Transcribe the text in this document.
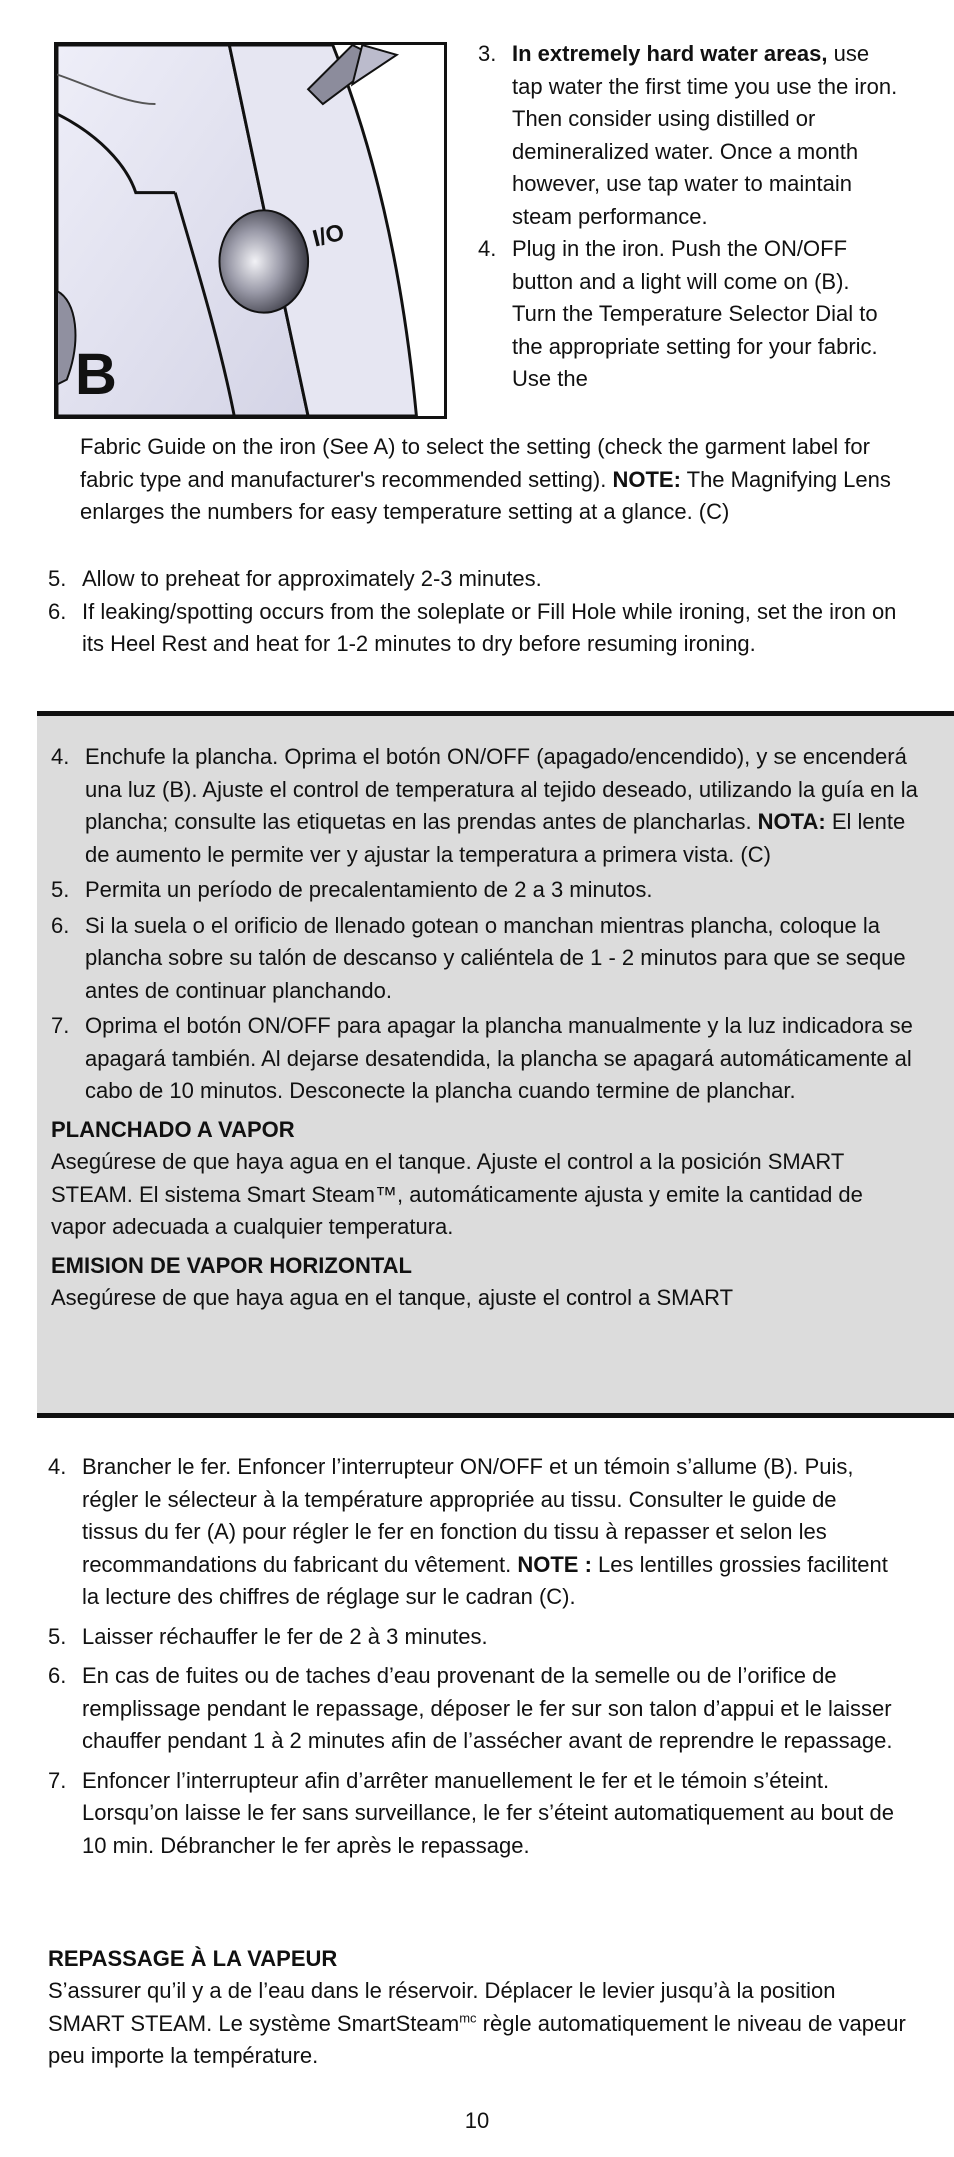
I/O

B

3. In extremely hard water areas, use tap water the first time you use the iron. Then consider using distilled or demineralized water. Once a month however, use tap water to maintain steam performance.
4. Plug in the iron. Push the ON/OFF button and a light will come on (B). Turn the Temperature Selector Dial to the appropriate setting for your fabric. Use the
Fabric Guide on the iron (See A) to select the setting (check the garment label for fabric type and manufacturer's recommended setting). NOTE: The Magnifying Lens enlarges the numbers for easy temperature setting at a glance. (C)
5. Allow to preheat for approximately 2-3 minutes.
6. If leaking/spotting occurs from the soleplate or Fill Hole while ironing, set the iron on its Heel Rest and heat for 1-2 minutes to dry before resuming ironing.
4. Enchufe la plancha. Oprima el botón ON/OFF (apagado/encendido), y se encenderá una luz (B). Ajuste el control de temperatura al tejido deseado, utilizando la guía en la plancha; consulte las etiquetas en las prendas antes de plancharlas. NOTA: El lente de aumento le permite ver y ajustar la temperatura a primera vista. (C)
5. Permita un período de precalentamiento de 2 a 3 minutos.
6. Si la suela o el orificio de llenado gotean o manchan mientras plancha, coloque la plancha sobre su talón de descanso y caliéntela de 1 - 2 minutos para que se seque antes de continuar planchando.
7. Oprima el botón ON/OFF para apagar la plancha manualmente y la luz indicadora se apagará también. Al dejarse desatendida, la plancha se apagará automáticamente al cabo de 10 minutos. Desconecte la plancha cuando termine de planchar.
PLANCHADO A VAPOR
Asegúrese de que haya agua en el tanque. Ajuste el control a la posición SMART STEAM. El sistema Smart Steam™, automáticamente ajusta y emite la cantidad de vapor adecuada a cualquier temperatura.
EMISION DE VAPOR HORIZONTAL
Asegúrese de que haya agua en el tanque, ajuste el control a SMART
4. Brancher le fer. Enfoncer l’interrupteur ON/OFF et un témoin s’allume (B). Puis, régler le sélecteur à la température appropriée au tissu. Consulter le guide de tissus du fer (A) pour régler le fer en fonction du tissu à repasser et selon les recommandations du fabricant du vêtement. NOTE : Les lentilles grossies facilitent la lecture des chiffres de réglage sur le cadran (C).
5. Laisser réchauffer le fer de 2 à 3 minutes.
6. En cas de fuites ou de taches d’eau provenant de la semelle ou de l’orifice de remplissage pendant le repassage, déposer le fer sur son talon d’appui et le laisser chauffer pendant 1 à 2 minutes afin de l’assécher avant de reprendre le repassage.
7. Enfoncer l’interrupteur afin d’arrêter manuellement le fer et le témoin s’éteint. Lorsqu’on laisse le fer sans surveillance, le fer s’éteint automatiquement au bout de 10 min. Débrancher le fer après le repassage.
REPASSAGE À LA VAPEUR
S’assurer qu’il y a de l’eau dans le réservoir. Déplacer le levier jusqu’à la position SMART STEAM. Le système SmartSteam$^{mc}$ règle automatiquement le niveau de vapeur peu importe la température.
10
